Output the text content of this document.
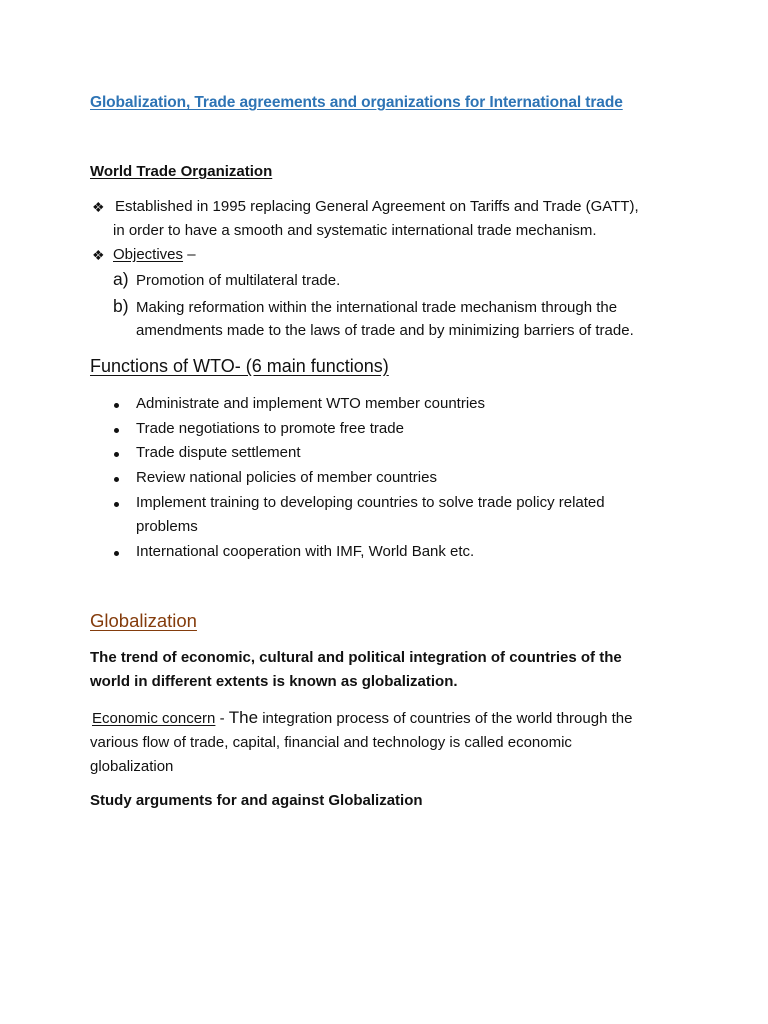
Globalization, Trade agreements and organizations for International trade
World Trade Organization
❖ Established in 1995 replacing General Agreement on Tariffs and Trade (GATT),
in order to have a smooth and systematic international trade mechanism.
❖ Objectives –
a) Promotion of multilateral trade.
b) Making reformation within the international trade mechanism through the
amendments made to the laws of trade and by minimizing barriers of trade.
Functions of WTO- (6 main functions)
Administrate and implement WTO member countries
Trade negotiations to promote free trade
Trade dispute settlement
Review national policies of member countries
Implement training to developing countries to solve trade policy related
problems
International cooperation with IMF, World Bank etc.
Globalization
The trend of economic, cultural and political integration of countries of the
world in different extents is known as globalization.
Economic concern - The integration process of countries of the world through the
various flow of trade, capital, financial and technology is called economic
globalization
Study arguments for and against Globalization
